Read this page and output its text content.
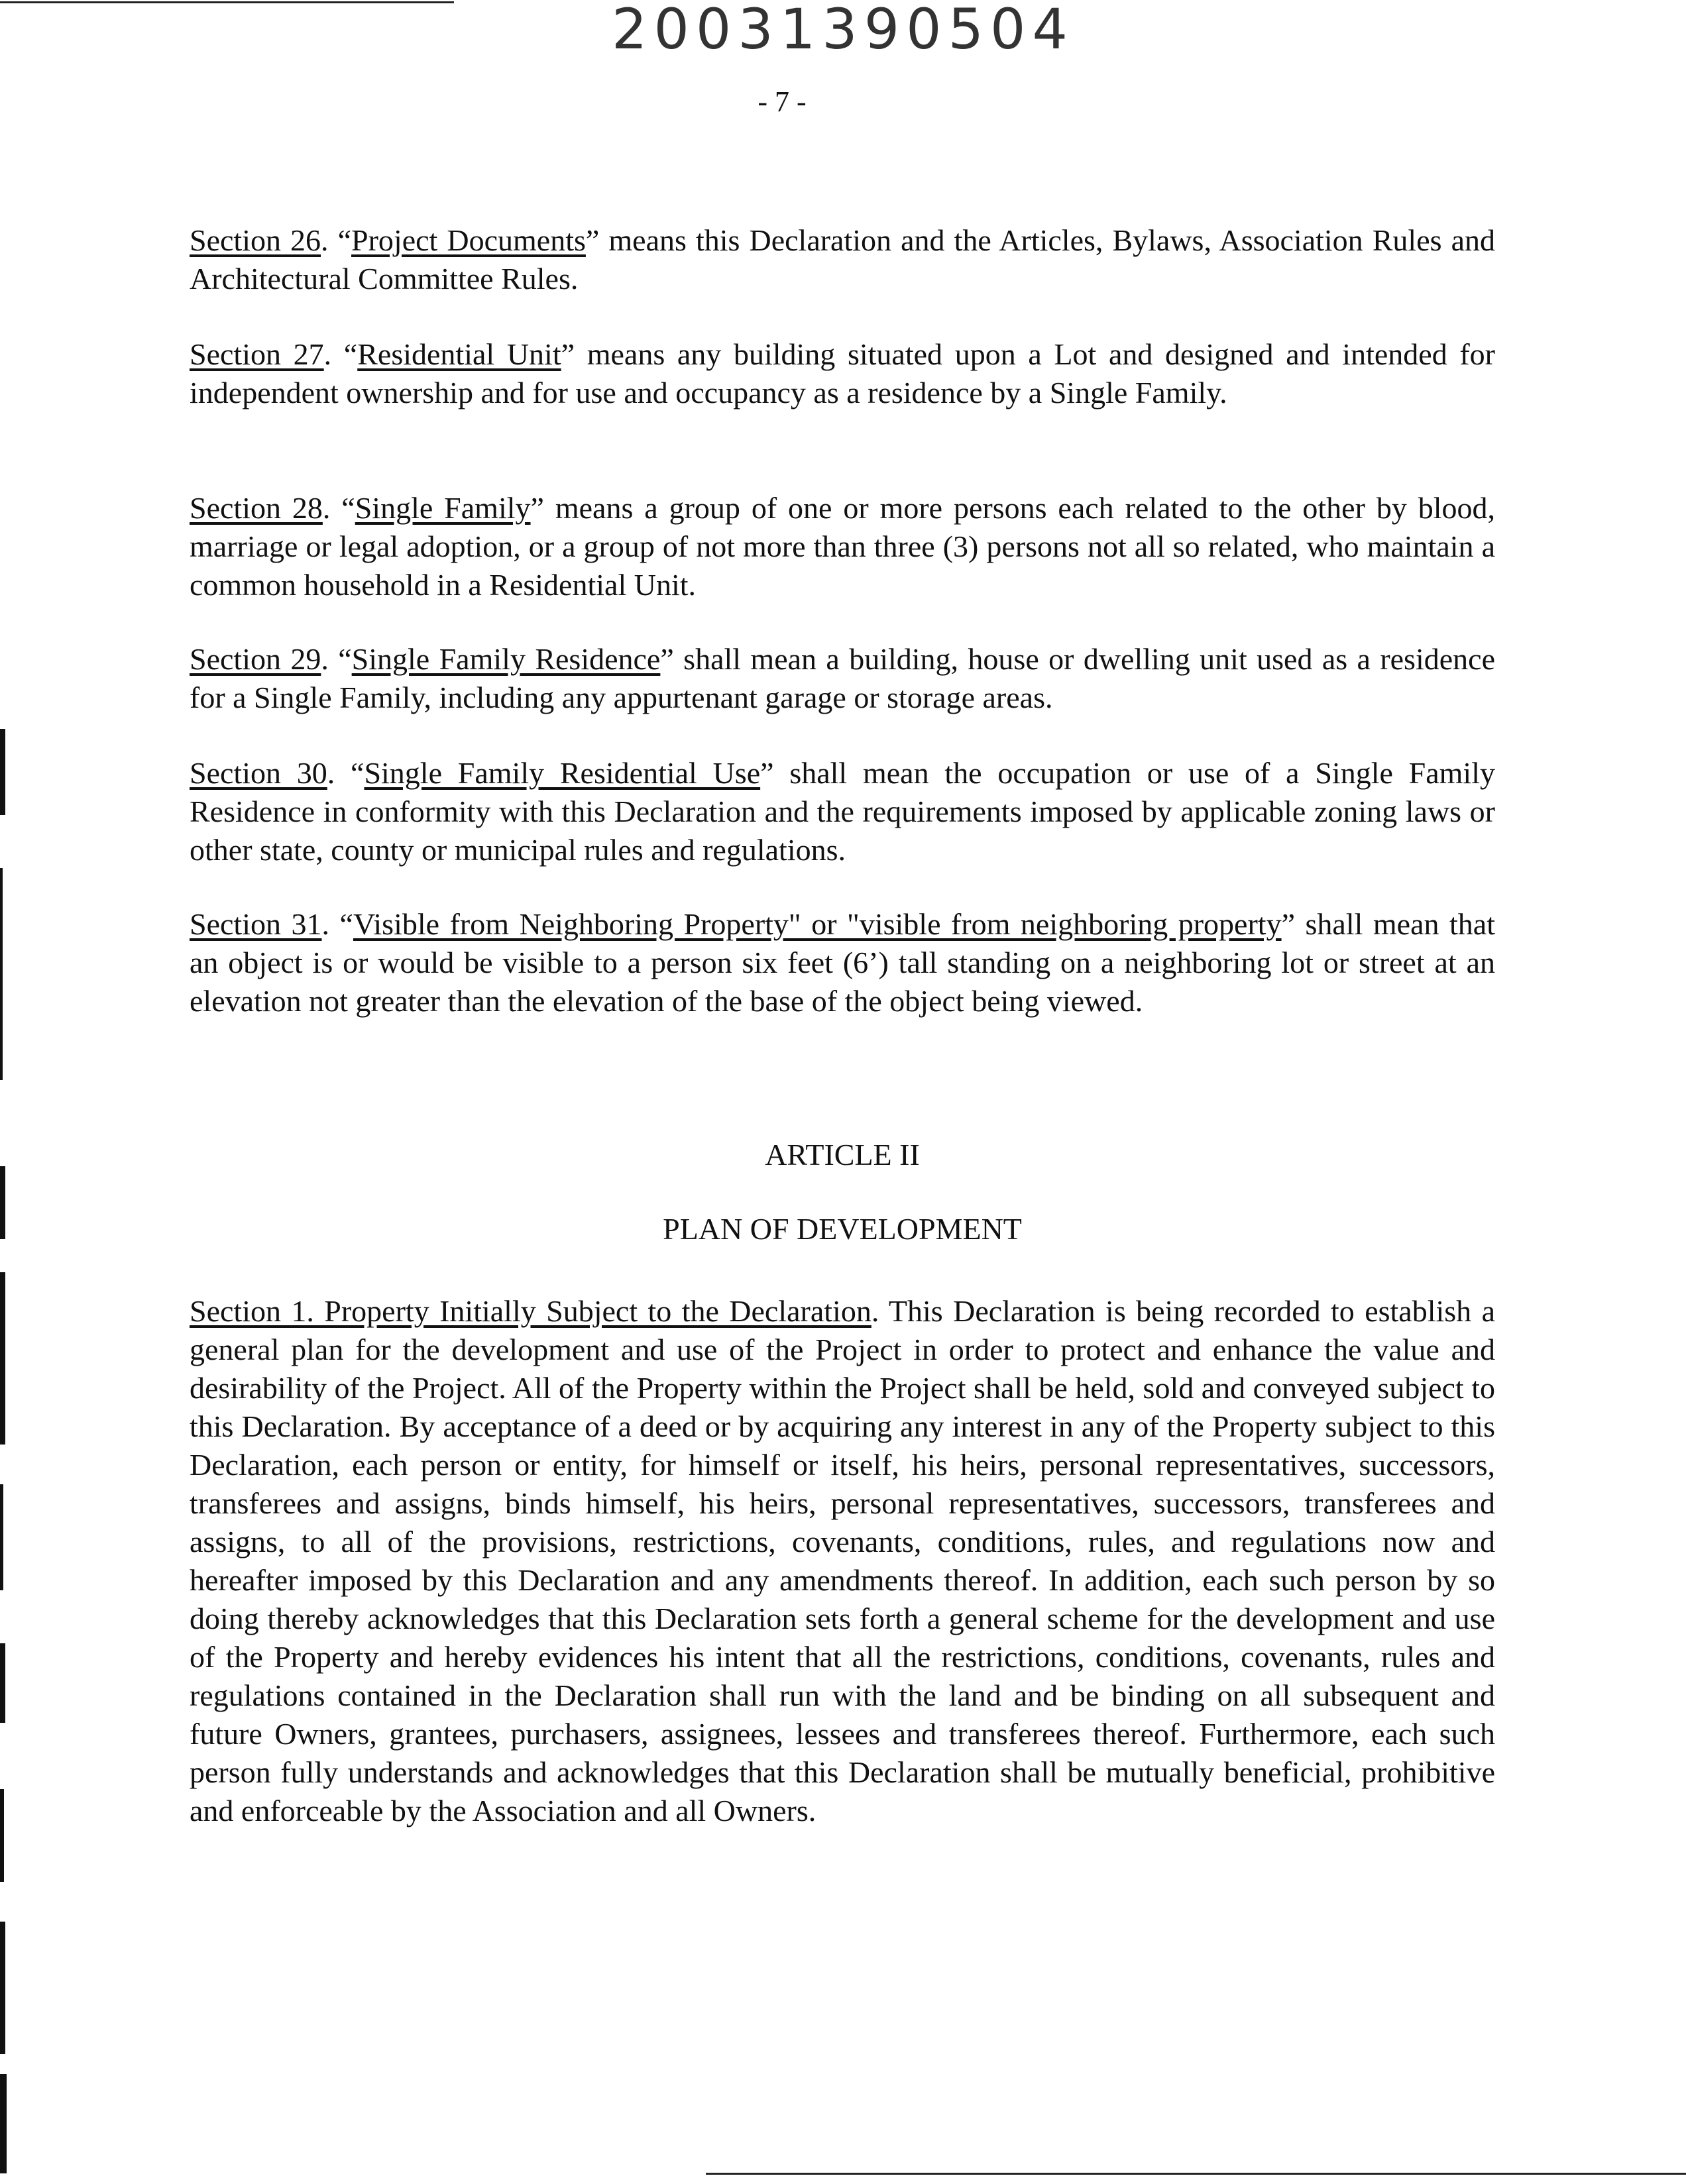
20031390504
- 7 -

Section 26. “Project Documents” means this Declaration and the Articles, Bylaws, Association Rules and Architectural Committee Rules.

Section 27. “Residential Unit” means any building situated upon a Lot and designed and intended for independent ownership and for use and occupancy as a residence by a Single Family.

Section 28. “Single Family” means a group of one or more persons each related to the other by blood, marriage or legal adoption, or a group of not more than three (3) persons not all so related, who maintain a common household in a Residential Unit.

Section 29. “Single Family Residence” shall mean a building, house or dwelling unit used as a residence for a Single Family, including any appurtenant garage or storage areas.

Section 30. “Single Family Residential Use” shall mean the occupation or use of a Single Family Residence in conformity with this Declaration and the requirements imposed by applicable zoning laws or other state, county or municipal rules and regulations.

Section 31. “Visible from Neighboring Property" or "visible from neighboring property” shall mean that an object is or would be visible to a person six feet (6’) tall standing on a neighboring lot or street at an elevation not greater than the elevation of the base of the object being viewed.

ARTICLE II

PLAN OF DEVELOPMENT

Section 1. Property Initially Subject to the Declaration. This Declaration is being recorded to establish a general plan for the development and use of the Project in order to protect and enhance the value and desirability of the Project. All of the Property within the Project shall be held, sold and conveyed subject to this Declaration. By acceptance of a deed or by acquiring any interest in any of the Property subject to this Declaration, each person or entity, for himself or itself, his heirs, personal representatives, successors, transferees and assigns, binds himself, his heirs, personal representatives, successors, transferees and assigns, to all of the provisions, restrictions, covenants, conditions, rules, and regulations now and hereafter imposed by this Declaration and any amendments thereof. In addition, each such person by so doing thereby acknowledges that this Declaration sets forth a general scheme for the development and use of the Property and hereby evidences his intent that all the restrictions, conditions, covenants, rules and regulations contained in the Declaration shall run with the land and be binding on all subsequent and future Owners, grantees, purchasers, assignees, lessees and transferees thereof. Furthermore, each such person fully understands and acknowledges that this Declaration shall be mutually beneficial, prohibitive and enforceable by the Association and all Owners.
